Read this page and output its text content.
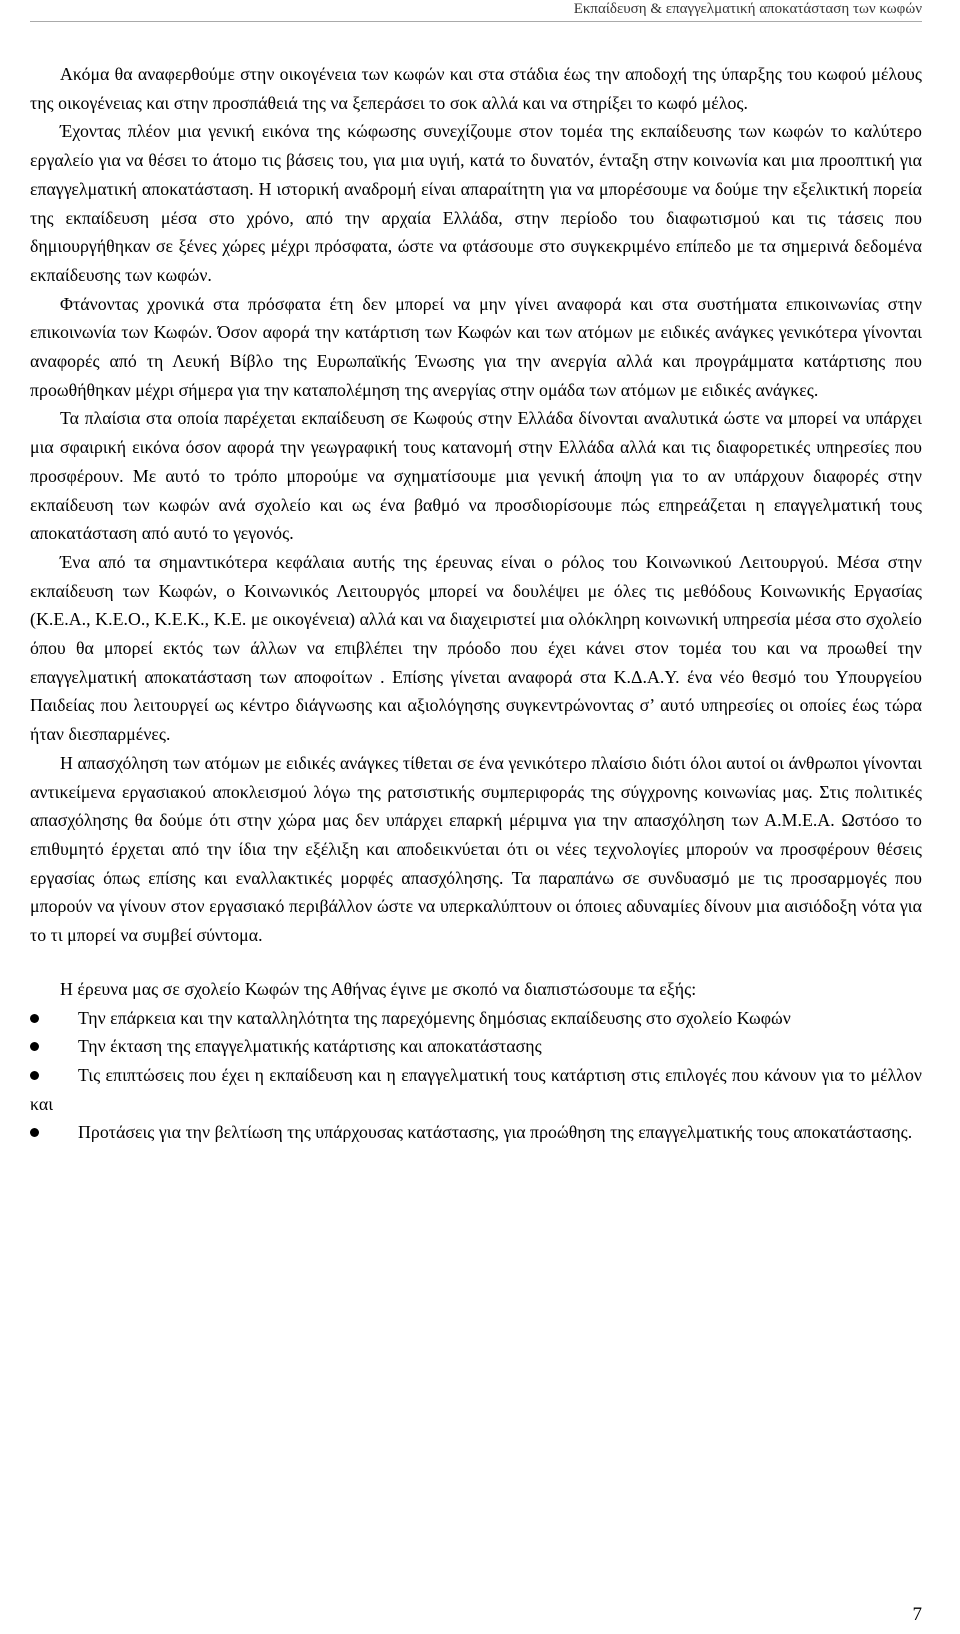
Εκπαίδευση & επαγγελματική αποκατάσταση των κωφών

Ακόμα θα αναφερθούμε στην οικογένεια των κωφών και στα στάδια έως την αποδοχή της ύπαρξης του κωφού μέλους της οικογένειας και στην προσπάθειά της να ξεπεράσει το σοκ αλλά και να στηρίξει το κωφό μέλος.

Έχοντας πλέον μια γενική εικόνα της κώφωσης συνεχίζουμε στον τομέα της εκπαίδευσης των κωφών το καλύτερο εργαλείο για να θέσει το άτομο τις βάσεις του, για μια υγιή, κατά το δυνατόν, ένταξη στην κοινωνία και μια προοπτική για επαγγελματική αποκατάσταση. Η ιστορική αναδρομή είναι απαραίτητη για να μπορέσουμε να δούμε την εξελικτική πορεία της εκπαίδευση μέσα στο χρόνο, από την αρχαία Ελλάδα, στην περίοδο του διαφωτισμού και τις τάσεις που δημιουργήθηκαν σε ξένες χώρες μέχρι πρόσφατα, ώστε να φτάσουμε στο συγκεκριμένο επίπεδο με τα σημερινά δεδομένα εκπαίδευσης των κωφών.

Φτάνοντας χρονικά στα πρόσφατα έτη δεν μπορεί να μην γίνει αναφορά και στα συστήματα επικοινωνίας στην επικοινωνία των Κωφών. Όσον αφορά την κατάρτιση των Κωφών και των ατόμων με ειδικές ανάγκες γενικότερα γίνονται αναφορές από τη Λευκή Βίβλο της Ευρωπαϊκής Ένωσης για την ανεργία αλλά και προγράμματα κατάρτισης που προωθήθηκαν μέχρι σήμερα για την καταπολέμηση της ανεργίας στην ομάδα των ατόμων με ειδικές ανάγκες.

Τα πλαίσια στα οποία παρέχεται εκπαίδευση σε Κωφούς στην Ελλάδα δίνονται αναλυτικά ώστε να μπορεί να υπάρχει μια σφαιρική εικόνα όσον αφορά την γεωγραφική τους κατανομή στην Ελλάδα αλλά και τις διαφορετικές υπηρεσίες που προσφέρουν. Με αυτό το τρόπο μπορούμε να σχηματίσουμε μια γενική άποψη για το αν υπάρχουν διαφορές στην εκπαίδευση των κωφών ανά σχολείο και ως ένα βαθμό να προσδιορίσουμε πώς επηρεάζεται η επαγγελματική τους αποκατάσταση από αυτό το γεγονός.

Ένα από τα σημαντικότερα κεφάλαια αυτής της έρευνας είναι ο ρόλος του Κοινωνικού Λειτουργού. Μέσα στην εκπαίδευση των Κωφών, ο Κοινωνικός Λειτουργός μπορεί να δουλέψει με όλες τις μεθόδους Κοινωνικής Εργασίας (Κ.Ε.Α., Κ.Ε.Ο., Κ.Ε.Κ., Κ.Ε. με οικογένεια) αλλά και να διαχειριστεί μια ολόκληρη κοινωνική υπηρεσία μέσα στο σχολείο όπου θα μπορεί εκτός των άλλων να επιβλέπει την πρόοδο που έχει κάνει στον τομέα του και να προωθεί την επαγγελματική αποκατάσταση των αποφοίτων . Επίσης γίνεται αναφορά στα Κ.Δ.Α.Υ. ένα νέο θεσμό του Υπουργείου Παιδείας που λειτουργεί ως κέντρο διάγνωσης και αξιολόγησης συγκεντρώνοντας σ’ αυτό υπηρεσίες οι οποίες έως τώρα ήταν διεσπαρμένες.

Η απασχόληση των ατόμων με ειδικές ανάγκες τίθεται σε ένα γενικότερο πλαίσιο διότι όλοι αυτοί οι άνθρωποι γίνονται αντικείμενα εργασιακού αποκλεισμού λόγω της ρατσιστικής συμπεριφοράς της σύγχρονης κοινωνίας μας. Στις πολιτικές απασχόλησης θα δούμε ότι στην χώρα μας δεν υπάρχει επαρκή μέριμνα για την απασχόληση των Α.Μ.Ε.Α. Ωστόσο το επιθυμητό έρχεται από την ίδια την εξέλιξη και αποδεικνύεται ότι οι νέες τεχνολογίες μπορούν να προσφέρουν θέσεις εργασίας όπως επίσης και εναλλακτικές μορφές απασχόλησης. Τα παραπάνω σε συνδυασμό με τις προσαρμογές που μπορούν να γίνουν στον εργασιακό περιβάλλον ώστε να υπερκαλύπτουν οι όποιες αδυναμίες δίνουν μια αισιόδοξη νότα για το τι μπορεί να συμβεί σύντομα.

Η έρευνα μας σε σχολείο Κωφών της Αθήνας έγινε με σκοπό να διαπιστώσουμε τα εξής:

Την επάρκεια και την καταλληλότητα της παρεχόμενης δημόσιας εκπαίδευσης στο σχολείο Κωφών
Την έκταση της επαγγελματικής κατάρτισης και αποκατάστασης
Τις επιπτώσεις που έχει η εκπαίδευση και η επαγγελματική τους κατάρτιση στις επιλογές που κάνουν για το μέλλον και
Προτάσεις για την βελτίωση της υπάρχουσας κατάστασης, για προώθηση της επαγγελματικής τους αποκατάστασης.
7
